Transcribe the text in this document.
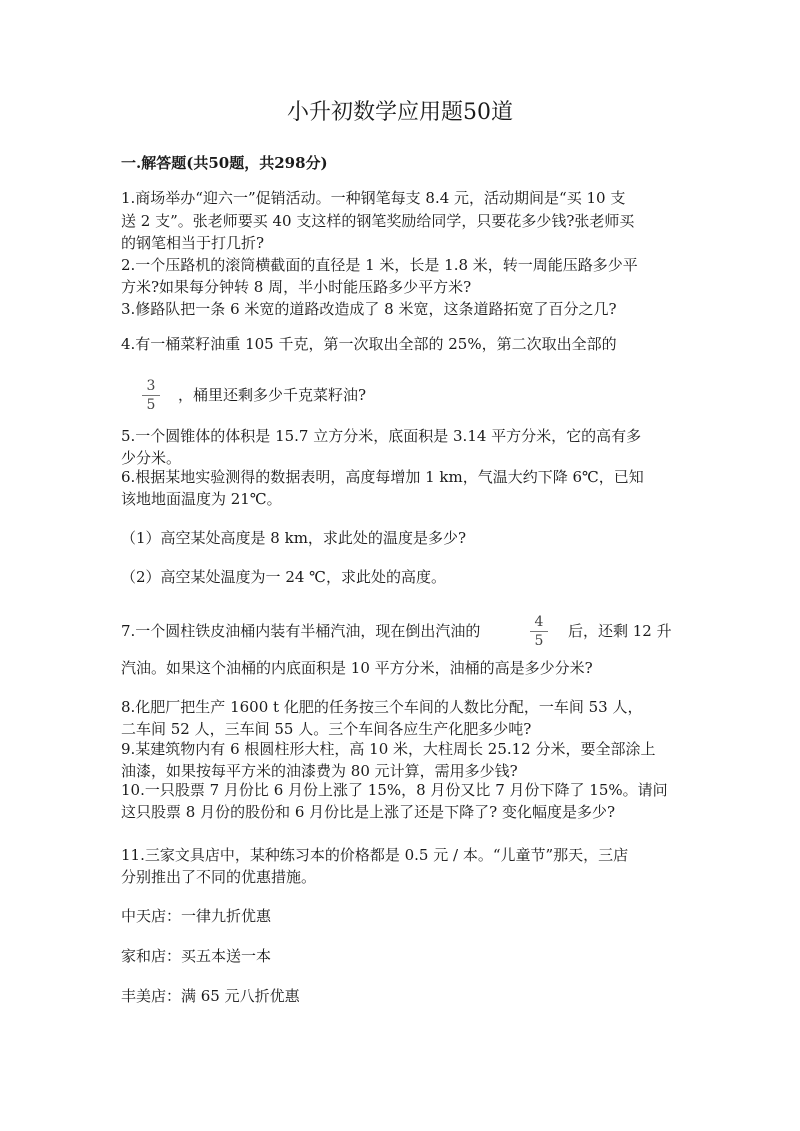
小升初数学应用题50道
一.解答题(共50题，共298分)
1.商场举办“迎六一”促销活动。一种钢笔每支 8.4 元，活动期间是“买 10 支
送 2 支”。张老师要买 40 支这样的钢笔奖励给同学，只要花多少钱?张老师买
的钢笔相当于打几折?
2.一个压路机的滚筒横截面的直径是 1 米，长是 1.8 米，转一周能压路多少平
方米?如果每分钟转 8 周，半小时能压路多少平方米?
3.修路队把一条 6 米宽的道路改造成了 8 米宽，这条道路拓宽了百分之几?
4.有一桶菜籽油重 105 千克，第一次取出全部的 25%，第二次取出全部的
$\frac{3}{5}$ ，桶里还剩多少千克菜籽油?
5.一个圆锥体的体积是 15.7 立方分米，底面积是 3.14 平方分米，它的高有多
少分米。
6.根据某地实验测得的数据表明，高度每增加 1 km，气温大约下降 6℃，已知
该地地面温度为 21℃。
（1）高空某处高度是 8 km，求此处的温度是多少?
（2）高空某处温度为一 24 ℃，求此处的高度。
7.一个圆柱铁皮油桶内装有半桶汽油，现在倒出汽油的	$\frac{4}{5}$ 后，还剩 12 升
汽油。如果这个油桶的内底面积是 10 平方分米，油桶的高是多少分米?
8.化肥厂把生产 1600 t 化肥的任务按三个车间的人数比分配，一车间 53 人，
二车间 52 人，三车间 55 人。三个车间各应生产化肥多少吨?
9.某建筑物内有 6 根圆柱形大柱，高 10 米，大柱周长 25.12 分米，要全部涂上
油漆，如果按每平方米的油漆费为 80 元计算，需用多少钱?
10.一只股票 7 月份比 6 月份上涨了 15%，8 月份又比 7 月份下降了 15%。请问
这只股票 8 月份的股份和 6 月份比是上涨了还是下降了? 变化幅度是多少?
11.三家文具店中，某种练习本的价格都是 0.5 元 / 本。“儿童节”那天，三店
分别推出了不同的优惠措施。
中天店：一律九折优惠
家和店：买五本送一本
丰美店：满 65 元八折优惠
